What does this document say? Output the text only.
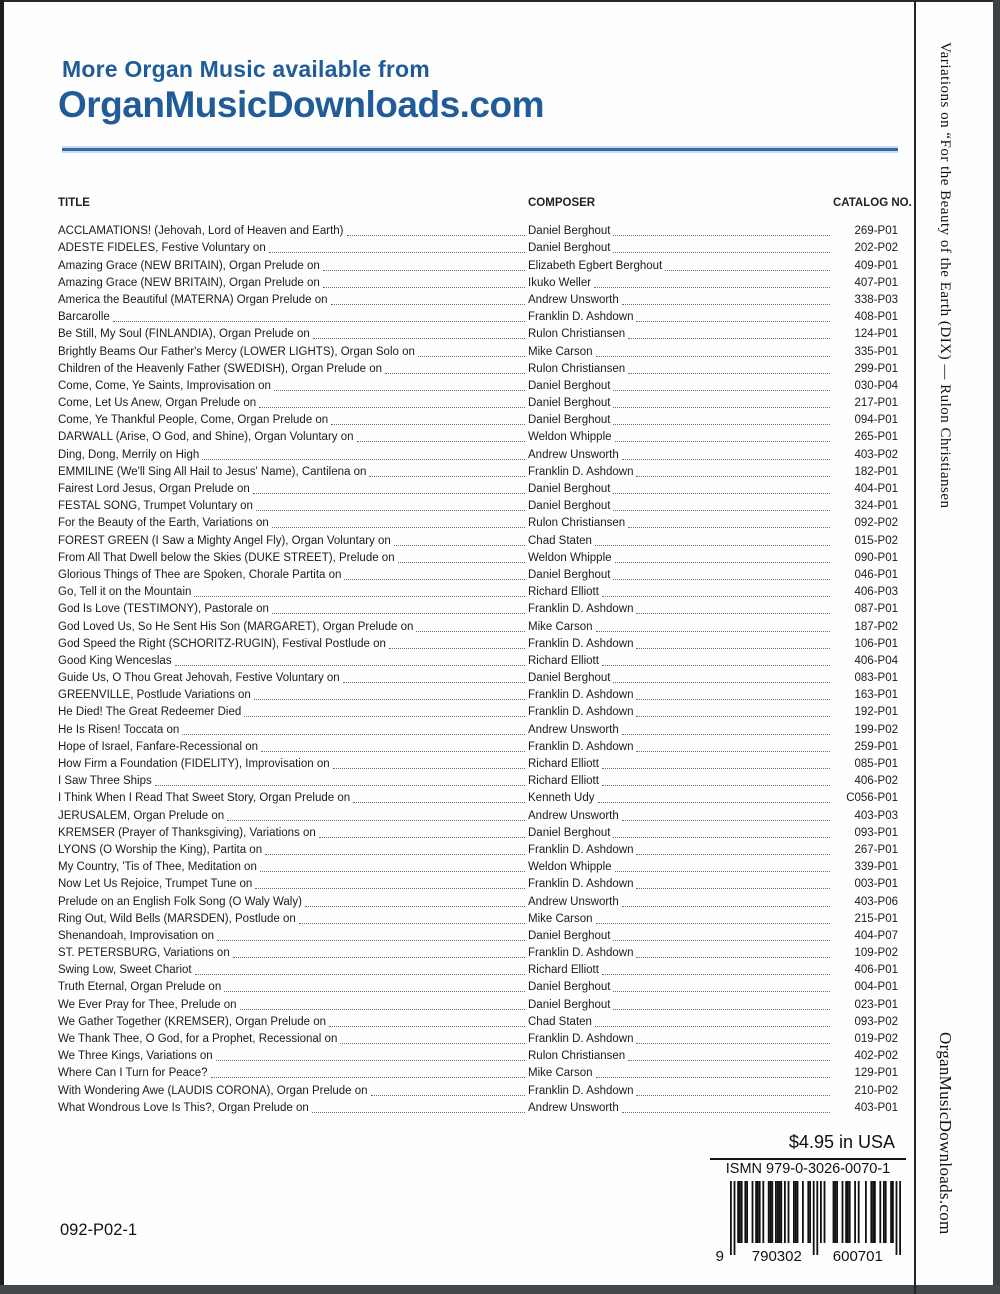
More Organ Music available from
OrganMusicDownloads.com
TITLE	COMPOSER	CATALOG NO.
ACCLAMATIONS! (Jehovah, Lord of Heaven and Earth)	Daniel Berghout	269-P01
ADESTE FIDELES, Festive Voluntary on	Daniel Berghout	202-P02
Amazing Grace (NEW BRITAIN), Organ Prelude on	Elizabeth Egbert Berghout	409-P01
Amazing Grace (NEW BRITAIN), Organ Prelude on	Ikuko Weller	407-P01
America the Beautiful (MATERNA) Organ Prelude on	Andrew Unsworth	338-P03
Barcarolle	Franklin D. Ashdown	408-P01
Be Still, My Soul (FINLANDIA), Organ Prelude on	Rulon Christiansen	124-P01
Brightly Beams Our Father's Mercy (LOWER LIGHTS), Organ Solo on	Mike Carson	335-P01
Children of the Heavenly Father (SWEDISH), Organ Prelude on	Rulon Christiansen	299-P01
Come, Come, Ye Saints, Improvisation on	Daniel Berghout	030-P04
Come, Let Us Anew, Organ Prelude on	Daniel Berghout	217-P01
Come, Ye Thankful People, Come, Organ Prelude on	Daniel Berghout	094-P01
DARWALL (Arise, O God, and Shine), Organ Voluntary on	Weldon Whipple	265-P01
Ding, Dong, Merrily on High	Andrew Unsworth	403-P02
EMMILINE (We'll Sing All Hail to Jesus' Name), Cantilena on	Franklin D. Ashdown	182-P01
Fairest Lord Jesus, Organ Prelude on	Daniel Berghout	404-P01
FESTAL SONG, Trumpet Voluntary on	Daniel Berghout	324-P01
For the Beauty of the Earth, Variations on	Rulon Christiansen	092-P02
FOREST GREEN (I Saw a Mighty Angel Fly), Organ Voluntary on	Chad Staten	015-P02
From All That Dwell below the Skies (DUKE STREET), Prelude on	Weldon Whipple	090-P01
Glorious Things of Thee are Spoken, Chorale Partita on	Daniel Berghout	046-P01
Go, Tell it on the Mountain	Richard Elliott	406-P03
God Is Love (TESTIMONY), Pastorale on	Franklin D. Ashdown	087-P01
God Loved Us, So He Sent His Son (MARGARET), Organ Prelude on	Mike Carson	187-P02
God Speed the Right (SCHORITZ-RUGIN), Festival Postlude on	Franklin D. Ashdown	106-P01
Good King Wenceslas	Richard Elliott	406-P04
Guide Us, O Thou Great Jehovah, Festive Voluntary on	Daniel Berghout	083-P01
GREENVILLE, Postlude Variations on	Franklin D. Ashdown	163-P01
He Died! The Great Redeemer Died	Franklin D. Ashdown	192-P01
He Is Risen! Toccata on	Andrew Unsworth	199-P02
Hope of Israel, Fanfare-Recessional on	Franklin D. Ashdown	259-P01
How Firm a Foundation (FIDELITY), Improvisation on	Richard Elliott	085-P01
I Saw Three Ships	Richard Elliott	406-P02
I Think When I Read That Sweet Story, Organ Prelude on	Kenneth Udy	C056-P01
JERUSALEM, Organ Prelude on	Andrew Unsworth	403-P03
KREMSER (Prayer of Thanksgiving), Variations on	Daniel Berghout	093-P01
LYONS (O Worship the King), Partita on	Franklin D. Ashdown	267-P01
My Country, 'Tis of Thee, Meditation on	Weldon Whipple	339-P01
Now Let Us Rejoice, Trumpet Tune on	Franklin D. Ashdown	003-P01
Prelude on an English Folk Song (O Waly Waly)	Andrew Unsworth	403-P06
Ring Out, Wild Bells (MARSDEN), Postlude on	Mike Carson	215-P01
Shenandoah, Improvisation on	Daniel Berghout	404-P07
ST. PETERSBURG, Variations on	Franklin D. Ashdown	109-P02
Swing Low, Sweet Chariot	Richard Elliott	406-P01
Truth Eternal, Organ Prelude on	Daniel Berghout	004-P01
We Ever Pray for Thee, Prelude on	Daniel Berghout	023-P01
We Gather Together (KREMSER), Organ Prelude on	Chad Staten	093-P02
We Thank Thee, O God, for a Prophet, Recessional on	Franklin D. Ashdown	019-P02
We Three Kings, Variations on	Rulon Christiansen	402-P02
Where Can I Turn for Peace?	Mike Carson	129-P01
With Wondering Awe (LAUDIS CORONA), Organ Prelude on	Franklin D. Ashdown	210-P02
What Wondrous Love Is This?, Organ Prelude on	Andrew Unsworth	403-P01
$4.95 in USA
ISMN 979-0-3026-0070-1
9 790302 600701
092-P02-1
Variations on “For the Beauty of the Earth (DIX) — Rulon Christiansen
OrganMusicDownloads.com
